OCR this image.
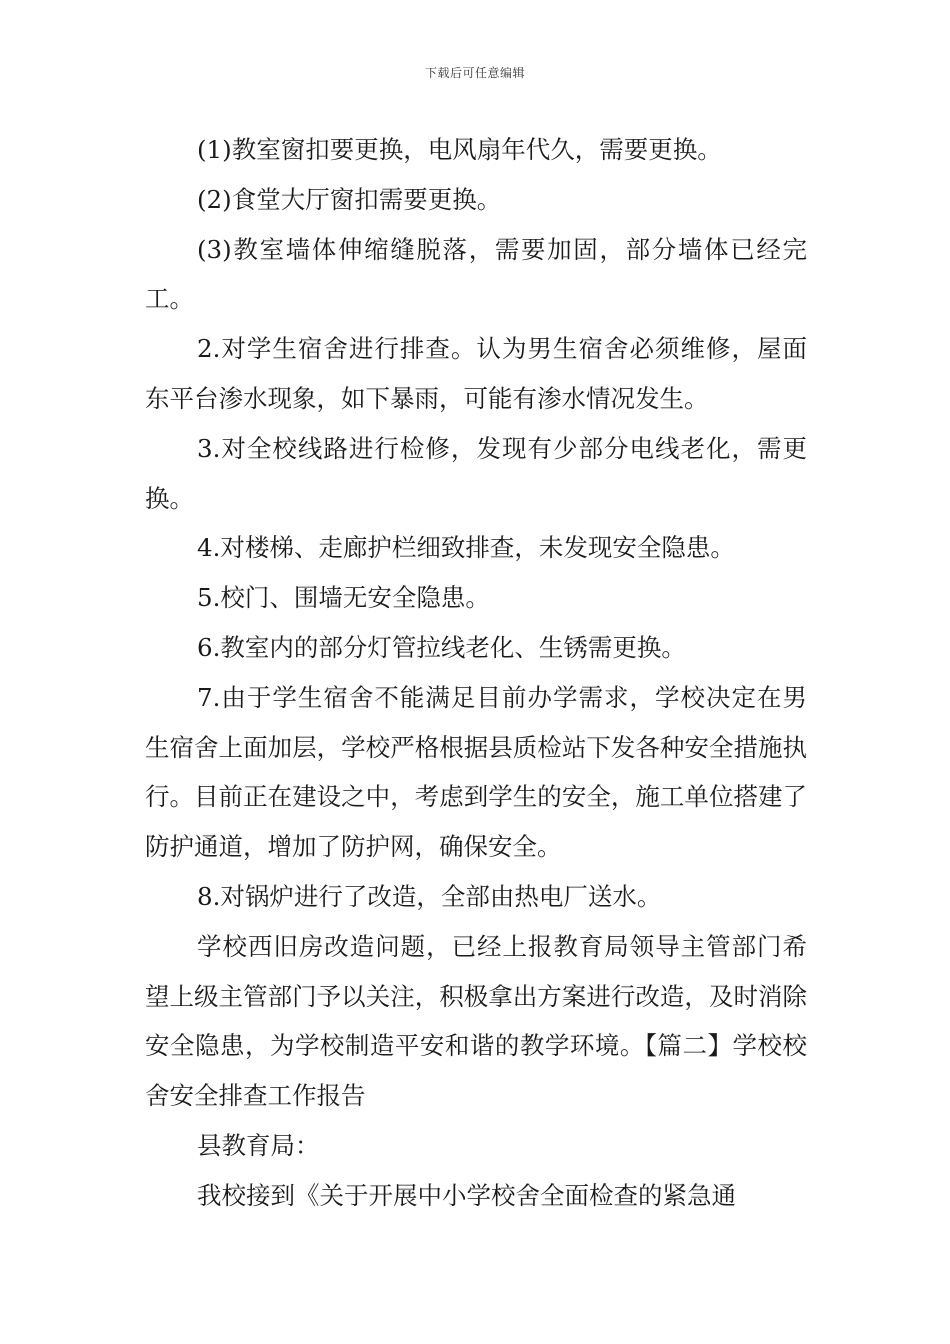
下载后可任意编辑

(1)教室窗扣要更换，电风扇年代久，需要更换。

(2)食堂大厅窗扣需要更换。

(3)教室墙体伸缩缝脱落，需要加固，部分墙体已经完工。

2.对学生宿舍进行排查。认为男生宿舍必须维修，屋面东平台渗水现象，如下暴雨，可能有渗水情况发生。

3.对全校线路进行检修，发现有少部分电线老化，需更换。

4.对楼梯、走廊护栏细致排查，未发现安全隐患。

5.校门、围墙无安全隐患。

6.教室内的部分灯管拉线老化、生锈需更换。

7.由于学生宿舍不能满足目前办学需求，学校决定在男生宿舍上面加层，学校严格根据县质检站下发各种安全措施执行。目前正在建设之中，考虑到学生的安全，施工单位搭建了防护通道，增加了防护网，确保安全。

8.对锅炉进行了改造，全部由热电厂送水。

学校西旧房改造问题，已经上报教育局领导主管部门希望上级主管部门予以关注，积极拿出方案进行改造，及时消除安全隐患，为学校制造平安和谐的教学环境。【篇二】学校校舍安全排查工作报告

县教育局：

我校接到《关于开展中小学校舍全面检查的紧急通
